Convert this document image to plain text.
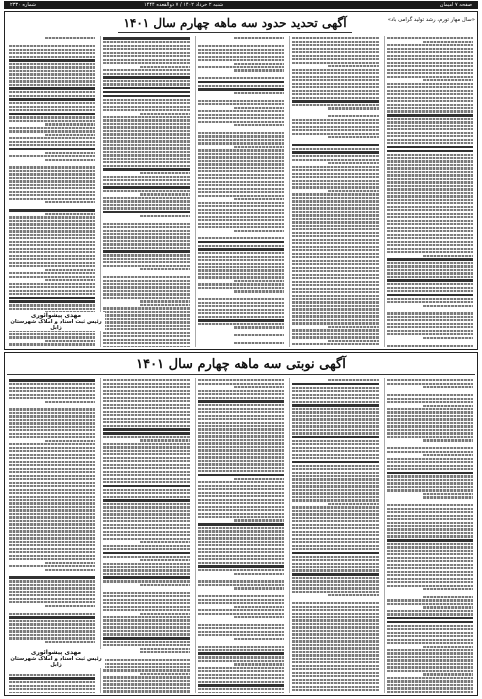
صفحه ۷ امیمان
شنبه ۲ خرداد ۱۴۰۲ / ۷ ذوالقعده ۱۴۴۴
شماره ۲۳۳۰
آگهی تحدید حدود سه ماهه چهارم سال ۱۴۰۱	«سال مهار تورم، رشد تولید گرامی باد»
مهدی پیشوائوری
رئیس ثبت اسناد و املاک شهرستان زابل
آگهی نوبتی سه ماهه چهارم سال ۱۴۰۱
مهدی پیشوائوری
رئیس ثبت اسناد و املاک شهرستان زابل
